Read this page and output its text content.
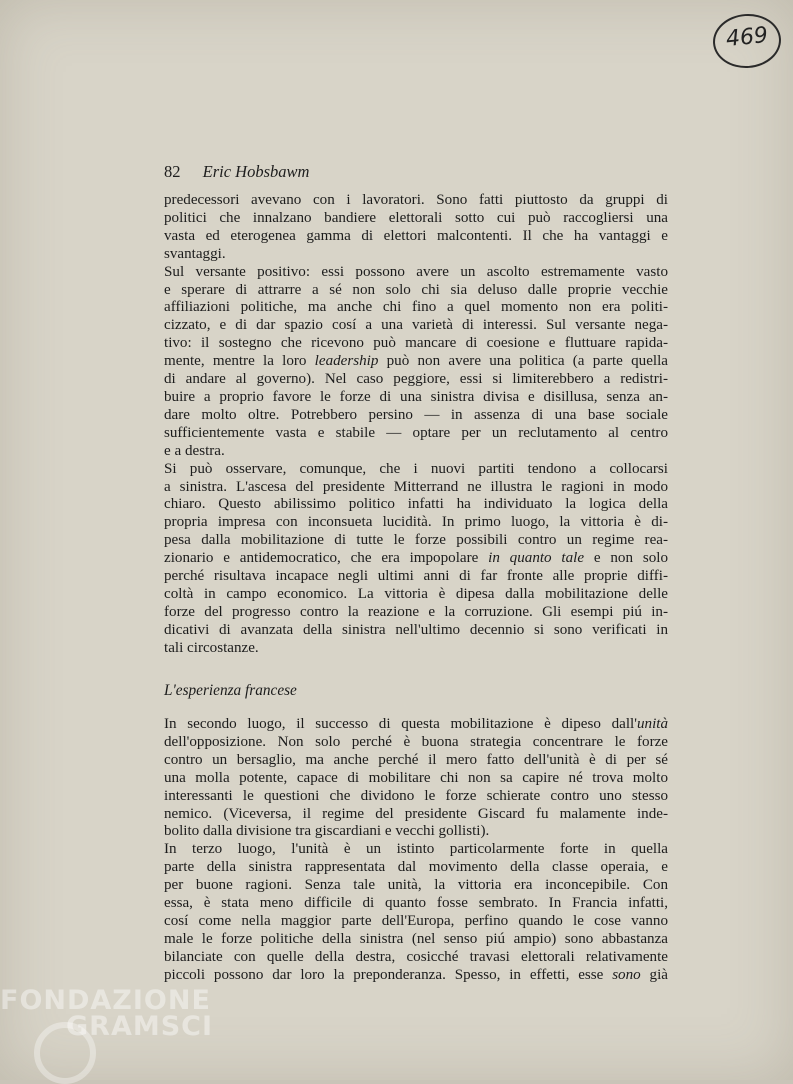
469
82 Eric Hobsbawm
predecessori avevano con i lavoratori. Sono fatti piuttosto da gruppi di
politici che innalzano bandiere elettorali sotto cui può raccogliersi una
vasta ed eterogenea gamma di elettori malcontenti. Il che ha vantaggi e
svantaggi.
Sul versante positivo: essi possono avere un ascolto estremamente vasto
e sperare di attrarre a sé non solo chi sia deluso dalle proprie vecchie
affiliazioni politiche, ma anche chi fino a quel momento non era politi-
cizzato, e di dar spazio cosí a una varietà di interessi. Sul versante nega-
tivo: il sostegno che ricevono può mancare di coesione e fluttuare rapida-
mente, mentre la loro leadership può non avere una politica (a parte quella
di andare al governo). Nel caso peggiore, essi si limiterebbero a redistri-
buire a proprio favore le forze di una sinistra divisa e disillusa, senza an-
dare molto oltre. Potrebbero persino — in assenza di una base sociale
sufficientemente vasta e stabile — optare per un reclutamento al centro
e a destra.
Si può osservare, comunque, che i nuovi partiti tendono a collocarsi
a sinistra. L'ascesa del presidente Mitterrand ne illustra le ragioni in modo
chiaro. Questo abilissimo politico infatti ha individuato la logica della
propria impresa con inconsueta lucidità. In primo luogo, la vittoria è di-
pesa dalla mobilitazione di tutte le forze possibili contro un regime rea-
zionario e antidemocratico, che era impopolare in quanto tale e non solo
perché risultava incapace negli ultimi anni di far fronte alle proprie diffi-
coltà in campo economico. La vittoria è dipesa dalla mobilitazione delle
forze del progresso contro la reazione e la corruzione. Gli esempi piú in-
dicativi di avanzata della sinistra nell'ultimo decennio si sono verificati in
tali circostanze.
L'esperienza francese
In secondo luogo, il successo di questa mobilitazione è dipeso dall'unità
dell'opposizione. Non solo perché è buona strategia concentrare le forze
contro un bersaglio, ma anche perché il mero fatto dell'unità è di per sé
una molla potente, capace di mobilitare chi non sa capire né trova molto
interessanti le questioni che dividono le forze schierate contro uno stesso
nemico. (Viceversa, il regime del presidente Giscard fu malamente inde-
bolito dalla divisione tra giscardiani e vecchi gollisti).
In terzo luogo, l'unità è un istinto particolarmente forte in quella
parte della sinistra rappresentata dal movimento della classe operaia, e
per buone ragioni. Senza tale unità, la vittoria era inconcepibile. Con
essa, è stata meno difficile di quanto fosse sembrato. In Francia infatti,
cosí come nella maggior parte dell'Europa, perfino quando le cose vanno
male le forze politiche della sinistra (nel senso piú ampio) sono abbastanza
bilanciate con quelle della destra, cosicché travasi elettorali relativamente
piccoli possono dar loro la preponderanza. Spesso, in effetti, esse sono già
FONDAZIONE
GRAMSCI
